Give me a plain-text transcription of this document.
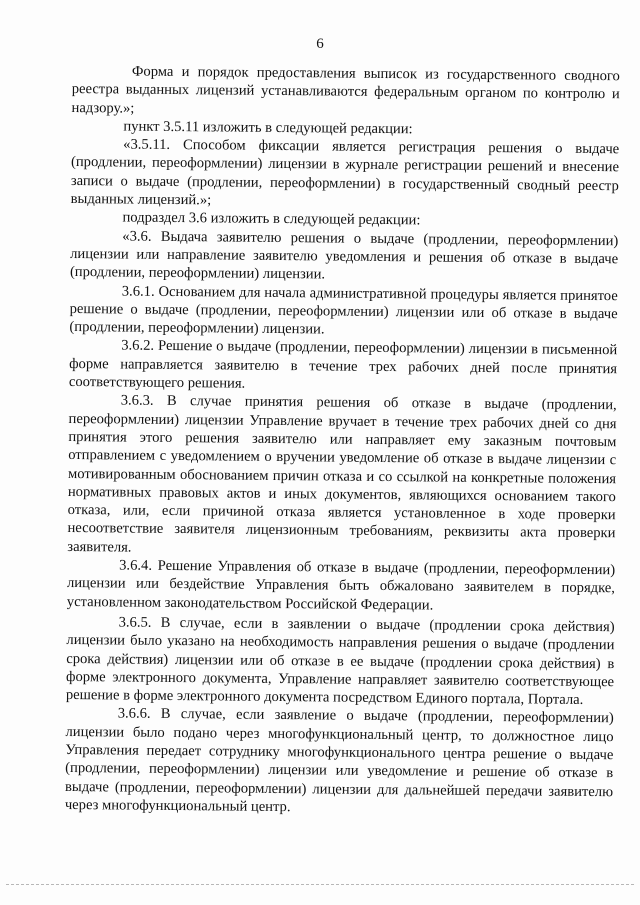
6

Форма и порядок предоставления выписок из государственного сводного реестра выданных лицензий устанавливаются федеральным органом по контролю и надзору.»;

пункт 3.5.11 изложить в следующей редакции:

«3.5.11. Способом фиксации является регистрация решения о выдаче (продлении, переоформлении) лицензии в журнале регистрации решений и внесение записи о выдаче (продлении, переоформлении) в государственный сводный реестр выданных лицензий.»;

подраздел 3.6 изложить в следующей редакции:

«3.6. Выдача заявителю решения о выдаче (продлении, переоформлении) лицензии или направление заявителю уведомления и решения об отказе в выдаче (продлении, переоформлении) лицензии.

3.6.1. Основанием для начала административной процедуры является принятое решение о выдаче (продлении, переоформлении) лицензии или об отказе в выдаче (продлении, переоформлении) лицензии.

3.6.2. Решение о выдаче (продлении, переоформлении) лицензии в письменной форме направляется заявителю в течение трех рабочих дней после принятия соответствующего решения.

3.6.3. В случае принятия решения об отказе в выдаче (продлении, переоформлении) лицензии Управление вручает в течение трех рабочих дней со дня принятия этого решения заявителю или направляет ему заказным почтовым отправлением с уведомлением о вручении уведомление об отказе в выдаче лицензии с мотивированным обоснованием причин отказа и со ссылкой на конкретные положения нормативных правовых актов и иных документов, являющихся основанием такого отказа, или, если причиной отказа является установленное в ходе проверки несоответствие заявителя лицензионным требованиям, реквизиты акта проверки заявителя.

3.6.4. Решение Управления об отказе в выдаче (продлении, переоформлении) лицензии или бездействие Управления быть обжаловано заявителем в порядке, установленном законодательством Российской Федерации.

3.6.5. В случае, если в заявлении о выдаче (продлении срока действия) лицензии было указано на необходимость направления решения о выдаче (продлении срока действия) лицензии или об отказе в ее выдаче (продлении срока действия) в форме электронного документа, Управление направляет заявителю соответствующее решение в форме электронного документа посредством Единого портала, Портала.

3.6.6. В случае, если заявление о выдаче (продлении, переоформлении) лицензии было подано через многофункциональный центр, то должностное лицо Управления передает сотруднику многофункционального центра решение о выдаче (продлении, переоформлении) лицензии или уведомление и решение об отказе в выдаче (продлении, переоформлении) лицензии для дальнейшей передачи заявителю через многофункциональный центр.
